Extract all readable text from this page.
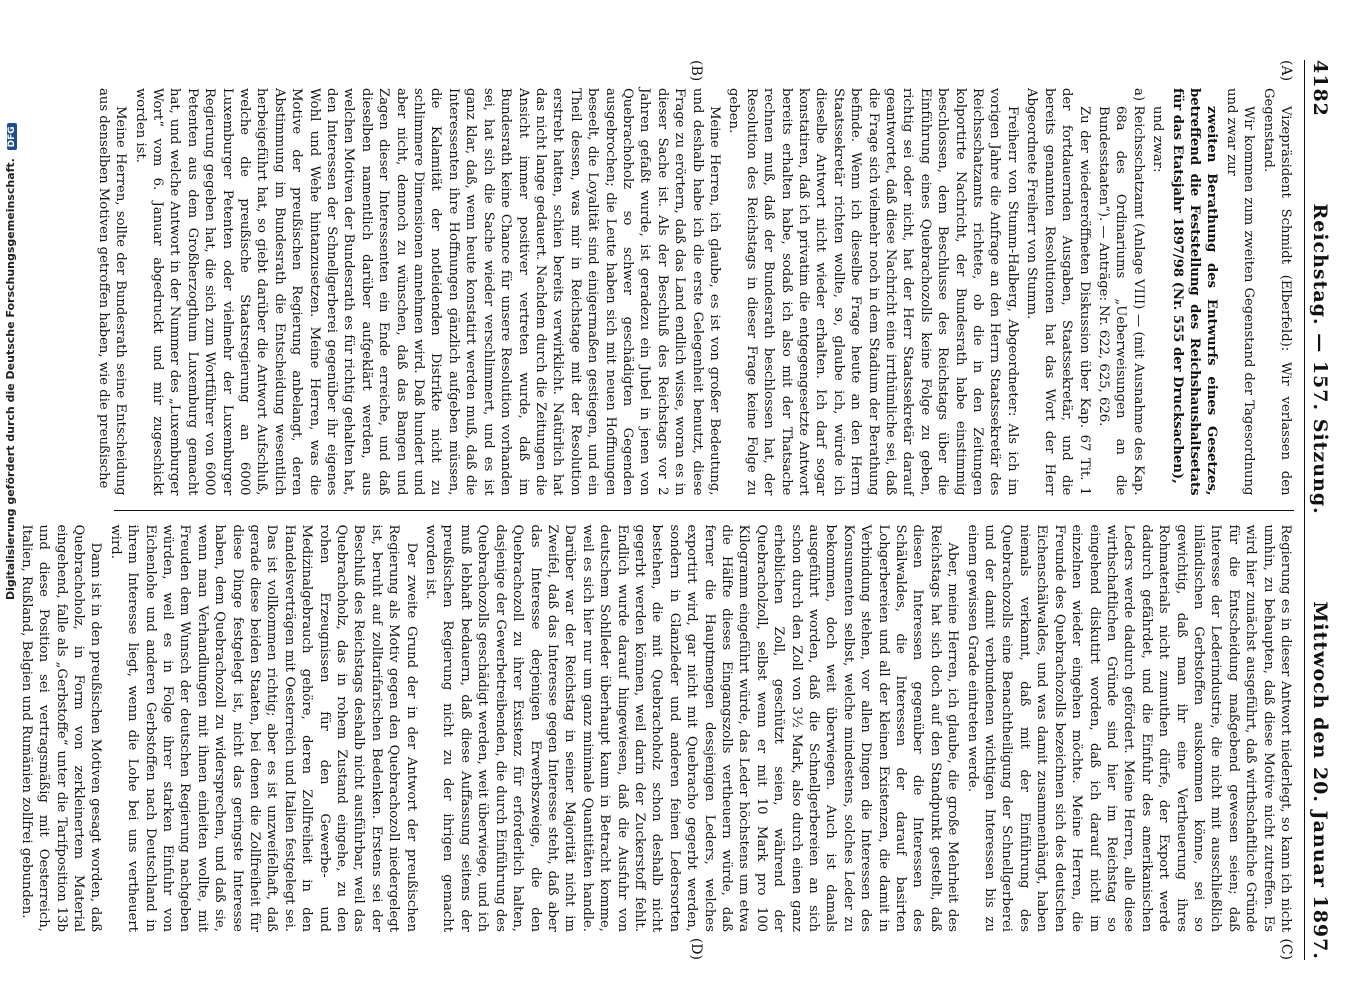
4182
Reichstag. — 157. Sitzung.
Mittwoch den 20. Januar 1897.
(A)
(B)

Vizepräsident Schmidt (Elberfeld): Wir verlassen den Gegenstand.

Wir kommen zum zweiten Gegenstand der Tagesordnung und zwar zur

zweiten Berathung des Entwurfs eines Gesetzes, betreffend die Feststellung des Reichshaushaltsetats für das Etatsjahr 1897/98 (Nr. 555 der Drucksachen),

und zwar:

a) Reichsschatzamt (Anlage VIII) — (mit Ausnahme des Kap. 68a des Ordinariums „Ueberweisungen an die Bundesstaaten“). — Anträge: Nr. 622, 625, 626.

Zu der wiedereröffneten Diskussion über Kap. 67 Tit. 1 der fortdauernden Ausgaben, Staatssekretär, und die bereits genannten Resolutionen hat das Wort der Herr Abgeordnete Freiherr von Stumm.

Freiherr von Stumm-Halberg, Abgeordneter: Als ich im vorigen Jahre die Anfrage an den Herrn Staatssekretär des Reichsschatzamts richtete, ob die in den Zeitungen kolportirte Nachricht, der Bundesrath habe einstimmig beschlossen, dem Beschlusse des Reichstags über die Einführung eines Quebrachozolls keine Folge zu geben, richtig sei oder nicht, hat der Herr Staatssekretär darauf geantwortet, daß diese Nachricht eine irrthümliche sei, daß die Frage sich vielmehr noch in dem Stadium der Berathung befinde. Wenn ich dieselbe Frage heute an den Herrn Staatssekretär richten wollte, so, glaube ich, würde ich dieselbe Antwort nicht wieder erhalten. Ich darf sogar konstatiren, daß ich privatim die entgegengesetzte Antwort bereits erhalten habe, sodaß ich also mit der Thatsache rechnen muß, daß der Bundesrath beschlossen hat, der Resolution des Reichstags in dieser Frage keine Folge zu geben.

Meine Herren, ich glaube, es ist von großer Bedeutung, und deshalb habe ich die erste Gelegenheit benutzt, diese Frage zu erörtern, daß das Land endlich wisse, woran es in dieser Sache ist. Als der Beschluß des Reichstags vor 2 Jahren gefaßt wurde, ist geradezu ein Jubel in jenen von Quebrachoholz so schwer geschädigten Gegenden ausgebrochen; die Leute haben sich mit neuen Hoffnungen beseelt, die Loyalität sind einigermaßen gestiegen, und ein Theil dessen, was mir in Reichstage mit der Resolution erstrebt hatten, schien bereits verwirklicht. Natürlich hat das nicht lange gedauert. Nachdem durch die Zeitungen die Ansicht immer positiver vertreten wurde, daß im Bundesrath keine Chance für unsere Resolution vorhanden sei, hat sich die Sache wieder verschlimmert, und es ist ganz klar, daß, wenn heute konstatirt werden muß, daß die Interessenten ihre Hoffnungen gänzlich aufgeben müssen, die Kalamität der notleidenden Distrikte nicht zu schlimmere Dimensionen annehmen wird. Daß hundert und aber nicht, dennoch zu wünschen, daß das Bangen und Zagen dieser Interessenten ein Ende erreiche, und daß dieselben namentlich darüber aufgeklärt werden, aus welchen Motiven der Bundesrath es für richtig gehalten hat, den Interessen der Schnellgerberei gegenüber ihr eigenes Wohl und Wehe hintanzusetzen. Meine Herren, was die Motive der preußischen Regierung anbelangt, deren Abstimmung im Bundesrath die Entscheidung wesentlich herbeigeführt hat, so giebt darüber die Antwort Aufschluß, welche die preußische Staatsregierung an 6000 Luxemburger Petenten oder vielmehr der Luxemburger Regierung gegeben hat, die sich zum Wortführer von 6000 Petenten aus dem Großherzogthum Luxemburg gemacht hat, und welche Antwort in der Nummer des „Luxemburger Wort“ vom 6. Januar abgedruckt und mir zugeschickt worden ist.

Meine Herren, sollte der Bundesrath seine Entscheidung aus denselben Motiven getroffen haben, wie die preußische

(C)
(D)

Regierung es in dieser Antwort niederlegt, so kann ich nicht umhin, zu behaupten, daß diese Motive nicht zutreffen. Es wird hier zunächst ausgeführt, daß wirthschaftliche Gründe für die Entscheidung maßgebend gewesen seien; daß Interesse der Lederindustrie, die nicht mit ausschließlich inländischen Gerbstoffen auskommen könne, sei so gewichtig, daß man ihr eine Vertheuerung ihres Rohmaterials nicht zumuthen dürfe, der Export werde dadurch gefährdet, und die Einfuhr des amerikanischen Leders werde dadurch gefördert. Meine Herren, alle diese wirthschaftlichen Gründe sind hier im Reichstag so eingehend diskutirt worden, daß ich darauf nicht im einzelnen wieder eingehen möchte. Meine Herren, die Freunde des Quebrachozolls bezeichnen sich des deutschen Eichenschälwaldes, und was damit zusammenhängt, haben niemals verkannt, daß mit der Einführung des Quebrachozolls eine Benachtheiligung der Schnellgerberei und der damit verbundenen wichtigen Interessen bis zu einem gewissen Grade eintreten werde.

Aber, meine Herren, ich glaube, die große Mehrheit des Reichstags hat sich doch auf den Standpunkt gestellt, daß diesen Interessen gegenüber die Interessen des Schälwaldes, die Interessen der darauf basirten Lohgerbereien und all der kleinen Existenzen, die damit in Verbindung stehen, vor allen Dingen die Interessen des Konsumenten selbst, welche mindestens, solches Leder zu bekommen, doch weit überwiegen. Auch ist damals ausgeführt worden, daß die Schnellgerbereien an sich schon durch den Zoll von 3½ Mark, also durch einen ganz erheblichen Zoll, geschützt seien, während der Quebracholzoll, selbst wenn er mit 10 Mark pro 100 Kilogramm eingeführt würde, das Leder höchstens um etwa die Hälfte dieses Eingangszolls vertheuern würde, daß ferner die Hauptmengen dessjenigen Leders, welches exportirt wird, gar nicht mit Quebracho gegerbt werden, sondern in Glanzleder und anderen feinen Ledersorten bestehen, die mit Quebrachoholz schon deshalb nicht gegerbt werden können, weil darin der Zuckerstoff fehlt. Endlich wurde darauf hingewiesen, daß die Ausfuhr von deutschem Sohlleder überhaupt kaum in Betracht komme, weil es sich hier nur um ganz minimale Quantitäten handle. Darüber war der Reichstag in seiner Majorität nicht im Zweifel, daß das Interesse gegen Interesse steht, daß aber das Interesse derjenigen Erwerbszweige, die den Quebrachozoll zu ihrer Existenz für erforderlich halten, dasjenige der Gewerbetreibenden, die durch Einführung des Quebrachozolls geschädigt werden, weit überwiege, und ich muß lebhaft bedauern, daß diese Auffassung seitens der preußischen Regierung nicht zu der ihrigen gemacht worden ist.

Der zweite Grund der in der Antwort der preußischen Regierung als Motiv gegen den Quebrachozoll niedergelegt ist, beruht auf zolltarifarischen Bedenken. Erstens sei der Beschluß des Reichstags deshalb nicht ausführbar, weil das Quebrachoholz, das in rohem Zustand eingehe, zu den rohen Erzeugnissen für den Gewerbe- und Medizinalgebrauch gehöre, deren Zollfreiheit in den Handelsverträgen mit Oesterreich und Italien festgelegt sei. Das ist vollkommen richtig; aber es ist unzweifelhaft, daß gerade diese beiden Staaten, bei denen die Zollfreiheit für diese Dinge festgelegt ist, nicht das geringste Interesse haben, dem Quebrachozoll zu widersprechen, und daß sie, wenn man Verhandlungen mit ihnen einleiten wollte, mit Freuden dem Wunsch der deutschen Regierung nachgeben würden, weil es in Folge ihrer starken Einfuhr von Eichenlohe und anderen Gerbstoffen nach Deutschland in ihrem Interesse liegt, wenn die Lohe bei uns vertheuert wird.

Dann ist in den preußischen Motiven gesagt worden, daß Quebrachoholz, in Form von zerkleinertem Material eingehend, falle als „Gerbstoffe“ unter die Tarifposition 13b und diese Position sei vertragsmäßig mit Oesterreich, Italien, Rußland, Belgien und Rumänien zollfrei gebunden.

Digitalisierung gefördert durch die Deutsche Forschungsgemeinschaft. DFG
